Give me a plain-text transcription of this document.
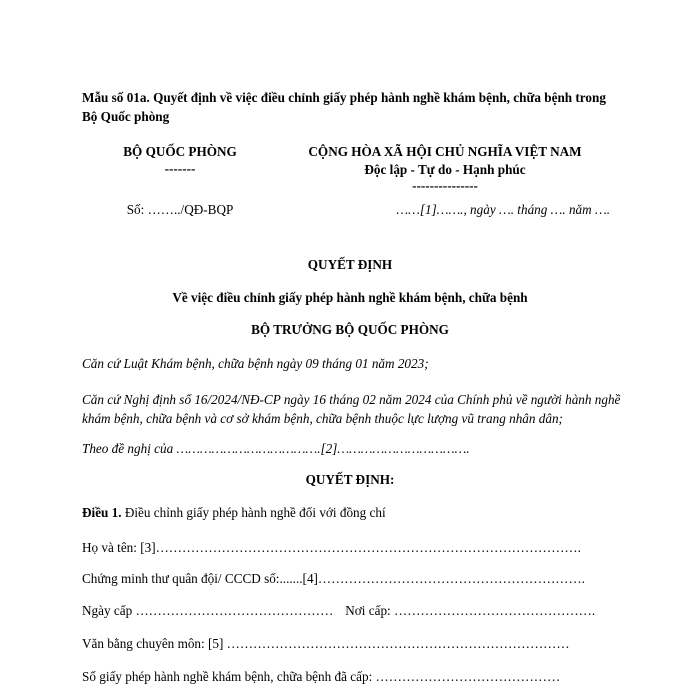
Mẫu số 01a. Quyết định về việc điều chỉnh giấy phép hành nghề khám bệnh, chữa bệnh trong Bộ Quốc phòng
BỘ QUỐC PHÒNG
-------
CỘNG HÒA XÃ HỘI CHỦ NGHĨA VIỆT NAM
Độc lập - Tự do - Hạnh phúc
---------------
Số: ……../QĐ-BQP	……[1]……., ngày …. tháng …. năm ….
QUYẾT ĐỊNH
Về việc điều chỉnh giấy phép hành nghề khám bệnh, chữa bệnh
BỘ TRƯỞNG BỘ QUỐC PHÒNG
Căn cứ Luật Khám bệnh, chữa bệnh ngày 09 tháng 01 năm 2023;
Căn cứ Nghị định số 16/2024/NĐ-CP ngày 16 tháng 02 năm 2024 của Chính phủ về người hành nghề khám bệnh, chữa bệnh và cơ sở khám bệnh, chữa bệnh thuộc lực lượng vũ trang nhân dân;
Theo đề nghị của ……………………………….[2]…………………………….
QUYẾT ĐỊNH:
Điều 1. Điều chỉnh giấy phép hành nghề đối với đồng chí
Họ và tên: [3]…………………………………………………………………………………….
Chứng minh thư quân đội/ CCCD số:.......[4]…………………………………………………….
Ngày cấp ……………………………………… Nơi cấp: ……………………………………….
Văn bằng chuyên môn: [5] ……………………………………………………………………
Số giấy phép hành nghề khám bệnh, chữa bệnh đã cấp: ……………………………………
